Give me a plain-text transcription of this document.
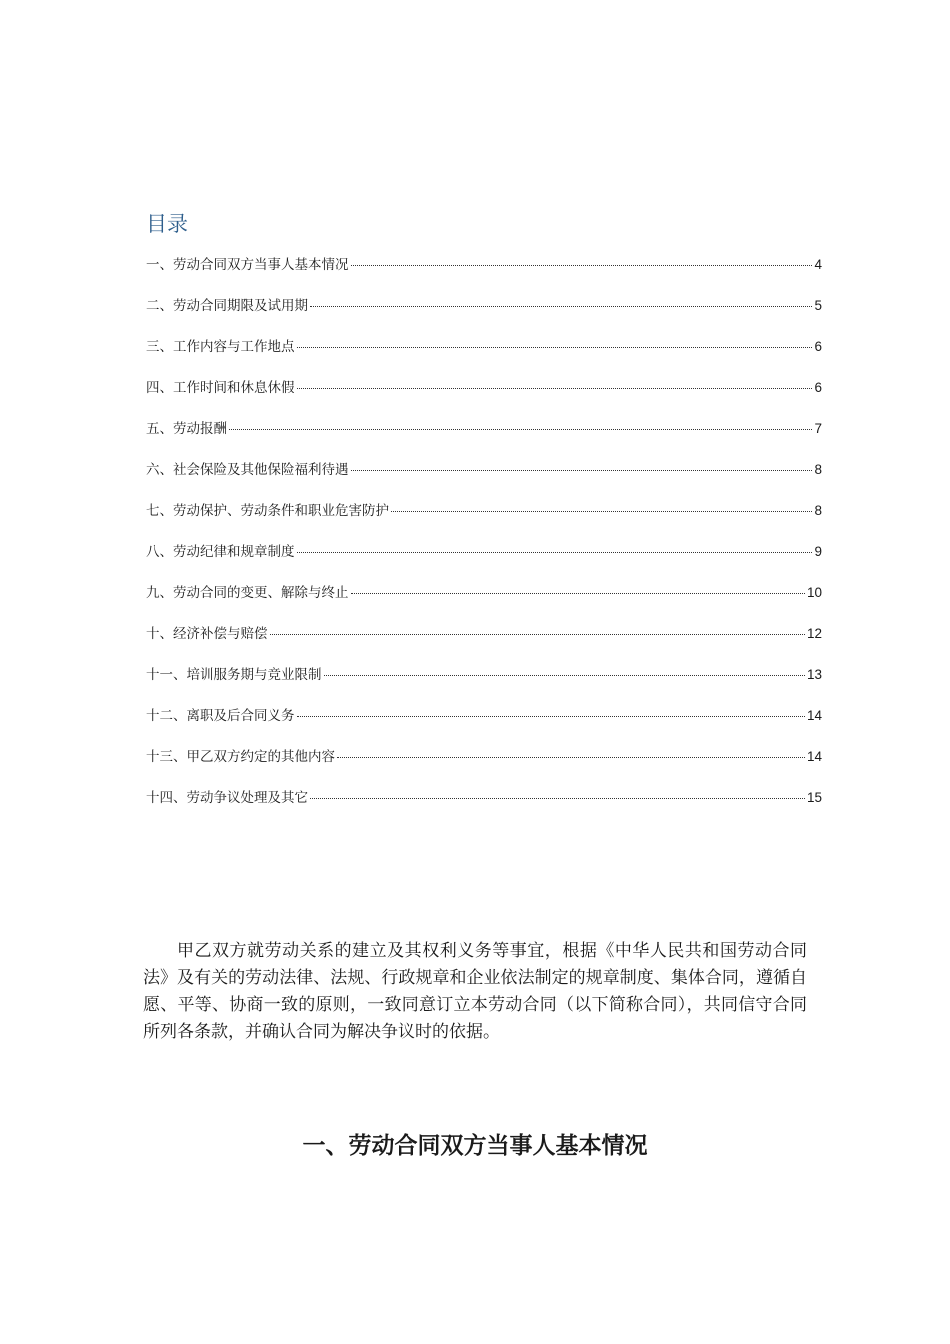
目录
一、劳动合同双方当事人基本情况	4
二、劳动合同期限及试用期	5
三、工作内容与工作地点	6
四、工作时间和休息休假	6
五、劳动报酬	7
六、社会保险及其他保险福利待遇	8
七、劳动保护、劳动条件和职业危害防护	8
八、劳动纪律和规章制度	9
九、劳动合同的变更、解除与终止	10
十、经济补偿与赔偿	12
十一、培训服务期与竞业限制	13
十二、离职及后合同义务	14
十三、甲乙双方约定的其他内容	14
十四、劳动争议处理及其它	15

甲乙双方就劳动关系的建立及其权利义务等事宜，根据《中华人民共和国劳动合同法》及有关的劳动法律、法规、行政规章和企业依法制定的规章制度、集体合同，遵循自愿、平等、协商一致的原则，一致同意订立本劳动合同（以下简称合同），共同信守合同所列各条款，并确认合同为解决争议时的依据。

一、劳动合同双方当事人基本情况
